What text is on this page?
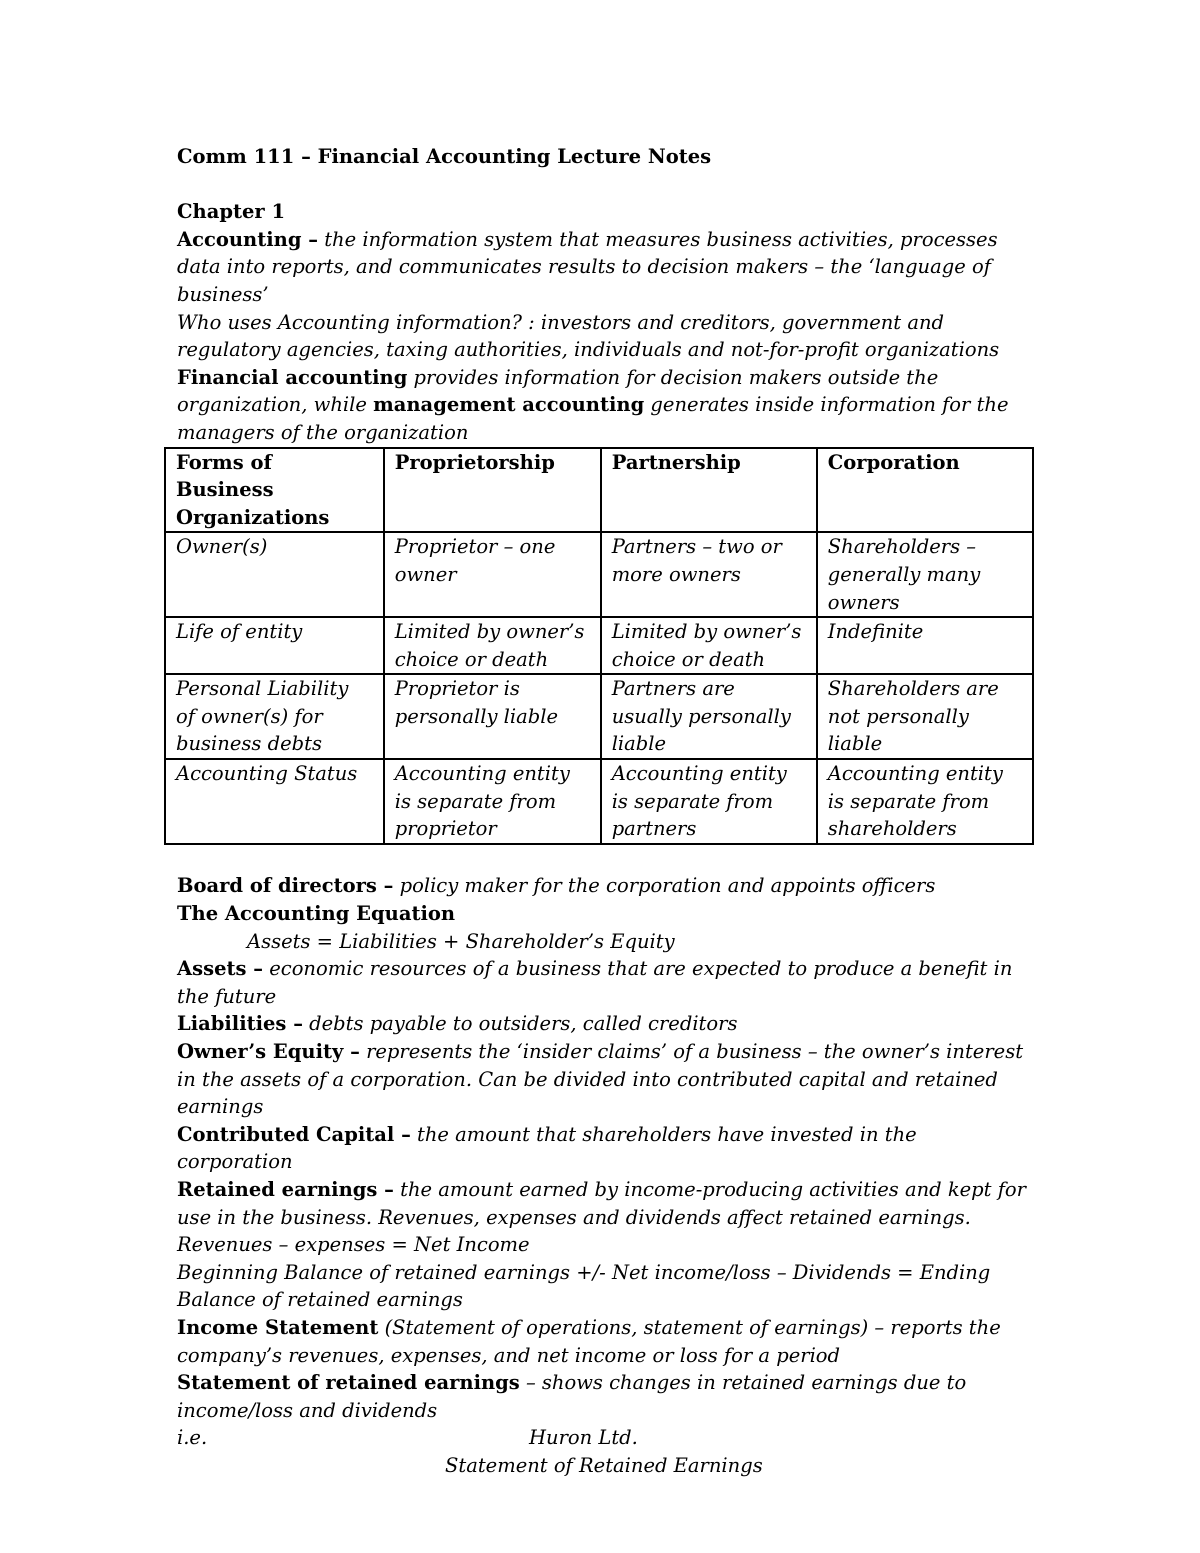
Comm 111 – Financial Accounting Lecture Notes

Chapter 1

Accounting – the information system that measures business activities, processes data into reports, and communicates results to decision makers – the ‘language of business’

Who uses Accounting information? : investors and creditors, government and regulatory agencies, taxing authorities, individuals and not-for-profit organizations

Financial accounting provides information for decision makers outside the organization, while management accounting generates inside information for the managers of the organization

Forms of Business Organizations	Proprietorship	Partnership	Corporation
Owner(s)	Proprietor – one owner	Partners – two or more owners	Shareholders – generally many owners
Life of entity	Limited by owner’s choice or death	Limited by owner’s choice or death	Indefinite
Personal Liability of owner(s) for business debts	Proprietor is personally liable	Partners are usually personally liable	Shareholders are not personally liable
Accounting Status	Accounting entity is separate from proprietor	Accounting entity is separate from partners	Accounting entity is separate from shareholders

Board of directors – policy maker for the corporation and appoints officers

The Accounting Equation

Assets = Liabilities + Shareholder’s Equity

Assets – economic resources of a business that are expected to produce a benefit in the future

Liabilities – debts payable to outsiders, called creditors

Owner’s Equity – represents the ‘insider claims’ of a business – the owner’s interest in the assets of a corporation. Can be divided into contributed capital and retained earnings

Contributed Capital – the amount that shareholders have invested in the corporation

Retained earnings – the amount earned by income-producing activities and kept for use in the business. Revenues, expenses and dividends affect retained earnings.

Revenues – expenses = Net Income

Beginning Balance of retained earnings +/- Net income/loss – Dividends = Ending Balance of retained earnings

Income Statement (Statement of operations, statement of earnings) – reports the company’s revenues, expenses, and net income or loss for a period

Statement of retained earnings – shows changes in retained earnings due to income/loss and dividends

i.e.	Huron Ltd.

Statement of Retained Earnings
